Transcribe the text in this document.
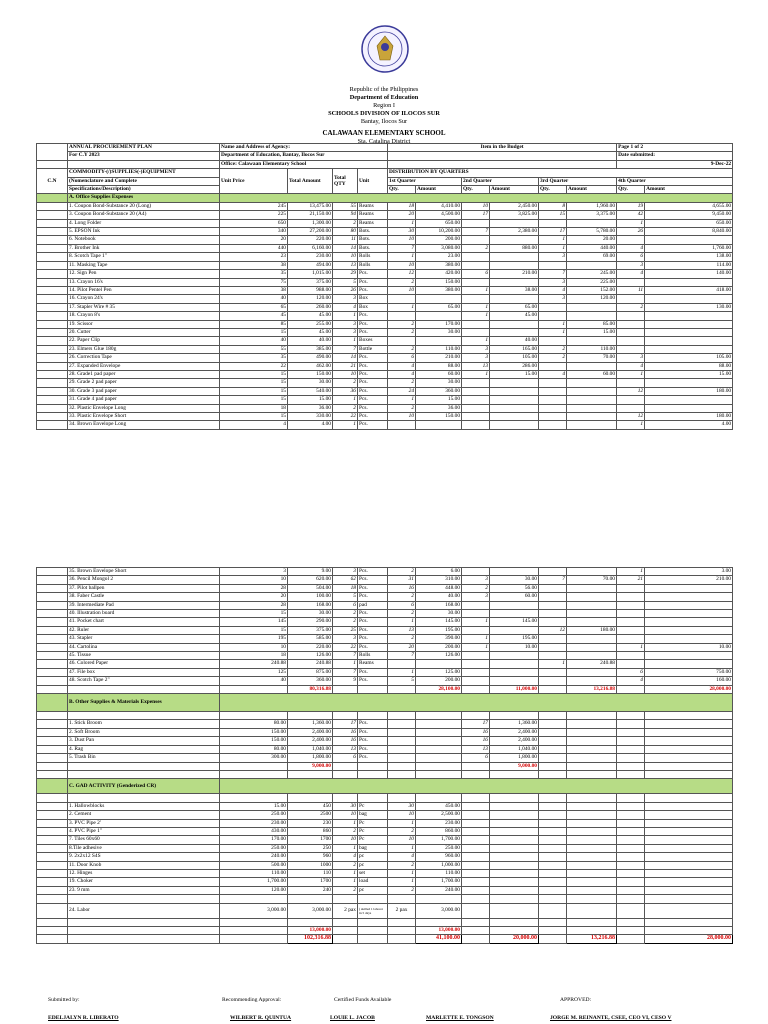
Republic of the Philippines
Department of Education
Region I
SCHOOLS DIVISION OF ILOCOS SUR
Bantay, Ilocos Sur
CALAWAAN ELEMENTARY SCHOOL
Sta. Catalina District
	ANNUAL PROCUREMENT PLAN	Name and Address of Agency:				Item in the Budget						Page 1 of 2	
	For C.Y 2023	Department of Education, Bantay, Ilocos Sur										Date submitted:	
		Office: Calawaan Elementary School										9-Dec-22	
C.N	COMMODITY-(/)SUPPLIES(-)EQUIPMENT	Unit Price	Total Amount	Total QTY	Unit	DISTRIBUTION BY QUARTERS							
	(Nomenclature and Complete					1st Quarter		2nd Quarter		3rd Quarter		4th Quarter	
	Specifications/Description)					Qty.	Amount	Qty.	Amount	Qty.	Amount	Qty.	Amount
	A. Office Supplies Expenses												
	1. Coupon Bond-Substance 20 (Long)	245	13,475.00	55	Reams	18	4,410.00	10	2,450.00	8	1,960.00	19	4,655.00
	3. Coupon Bond-Substance 20 (A4)	225	21,150.00	94	Reams	20	4,500.00	17	3,825.00	15	3,375.00	42	9,450.00
	4. Long Folder	650	1,300.00	2	Reams	1	650.00					1	650.00
	5. EPSON Ink	340	27,200.00	80	Bots.	30	10,200.00	7	2,380.00	17	5,780.00	26	8,840.00
	6. Notebook	20	220.00	11	Bots.	10	200.00			1	20.00		
	7. Brother Ink	440	6,160.00	14	Bots.	7	3,080.00	2	880.00	1	440.00	4	1,760.00
	8. Scotch Tape 1"	23	230.00	10	Rolls	1	23.00			3	69.00	6	138.00
	11. Masking Tape	38	494.00	13	Rolls	10	380.00					3	114.00
	12. Sign Pen	35	1,015.00	29	Pcs.	12	420.00	6	210.00	7	245.00	4	140.00
	13. Crayon 16's	75	375.00	5	Pcs.	2	150.00			3	225.00		
	14. Pilot Pentel Pen	38	988.00	26	Pcs.	10	380.00	1	38.00	4	152.00	11	418.00
	16. Crayon 24's	40	120.00	3	Box					3	120.00		
	17. Stapler Wire # 35	65	260.00	4	Box	1	65.00	1	65.00			2	130.00
	18. Crayon 8's	45	45.00	1	Pcs.			1	45.00				
	19. Scissor	85	255.00	3	Pcs.	2	170.00			1	85.00		
	20. Cutter	15	45.00	3	Pcs.	2	30.00			1	15.00		
	22. Paper Clip	40	40.00	1	Boxes			1	40.00				
	23. Elmers Glue 180g	55	385.00	7	Bottle	2	110.00	3	165.00	2	110.00		
	26. Correction Tape	35	490.00	14	Pcs.	6	210.00	3	105.00	2	70.00	3	105.00
	27. Expanded Envelope	22	462.00	21	Pcs.	4	88.00	13	286.00			4	88.00
	28. Grade1 pad paper	15	150.00	10	Pcs.	4	60.00	1	15.00	4	60.00	1	15.00
	29. Grade 2 pad paper	15	30.00	2	Pcs.	2	30.00						
	30. Grade 3 pad paper	15	540.00	36	Pcs.	24	360.00					12	180.00
	31. Grade 4 pad paper	15	15.00	1	Pcs.	1	15.00						
	32. Plastic Envelope Long	18	36.00	2	Pcs.	2	36.00						
	33. Plastic Envelope Short	15	330.00	22	Pcs.	10	150.00					12	180.00
	34. Brown Envelope Long	4	4.00	1	Pcs.							1	4.00
	35. Brown Envelope Short	3	9.00	3	Pcs.	2	6.00					1	3.00
	36. Pencil Mongol 2	10	620.00	62	Pcs.	31	310.00	3	30.00	7	70.00	21	210.00
	37. Pilot ballpen	28	504.00	18	Pcs.	16	448.00	2	56.00				
	38. Faber Castle	20	100.00	5	Pcs.	2	40.00	3	60.00				
	39. Intermediate Pad	28	168.00	6	pad	6	168.00						
	40. Illustration board	15	30.00	2	Pcs.	2	30.00						
	41. Pocket chart	145	290.00	2	Pcs.	1	145.00	1	145.00				
	42. Ruler	15	375.00	25	Pcs.	13	195.00			12	180.00		
	43. Stapler	195	585.00	3	Pcs.	2	390.00	1	195.00				
	44. Cartolina	10	220.00	22	Pcs.	20	200.00	1	10.00			1	10.00
	45. Tissue	18	126.00	7	Rolls	7	126.00						
	46. Colored Paper	240.88	240.88	1	Reams					1	240.88		
	47. File box	125	875.00	7	Pcs.	1	125.00					6	750.00
	48. Scotch Tape 2"	40	360.00	9	Pcs.	5	200.00					4	160.00
			80,316.88				28,100.00		11,000.00		13,216.88		28,000.00
	B. Other Supplies & Materials Expenses												

	1. Stick Broom	80.00	1,360.00	17	Pcs.			17	1,360.00				
	2. Soft Broom	150.00	2,400.00	16	Pcs.			16	2,400.00				
	3. Dust Pan	150.00	2,400.00	16	Pcs.			16	2,400.00				
	4. Rag	80.00	1,040.00	13	Pcs.			13	1,040.00				
	5. Trash Bin	300.00	1,800.00	6	Pcs.			6	1,800.00				
			9,000.00						9,000.00				

	C. GAD ACTIVITY (Genderized CR)												

	1. Hallowblocks	15.00	450	30	Pc	30	450.00						
	2. Cement	250.00	2500	10	bag	10	2,500.00						
	3. PVC Pipe 2'	230.00	230	1	Pc	1	230.00						
	4. PVC Pipe 1"	430.00	860	2	Pc	2	860.00						
	7. Tiles 60x60	170.00	1700	10	Pc	10	1,700.00						
	8.Tile adhesive	250.00	250	1	bag	1	250.00						
	9. 2x2x12 S4S	240.00	960	4	pc	4	960.00						
	11. Door Knob	500.00	1000	2	pc	2	1,000.00						
	12. Hinges	110.00	110	1	set	1	110.00						
	19. Choker	1,700.00	1700	1	load	1	1,700.00						
	23. 9 mm	120.00	240	2	pc	2	240.00						

	24. Labor	3,000.00	3,000.00	2 pax	( skilled 1 laborer in 5 days	2 pax	3,000.00						

			13,000.00				13,000.00						
			102,316.88				41,100.00		20,000.00		13,216.88		28,000.00
Submitted by:	Recommending Approval:	Certified Funds Available	APPROVED:
EDELJALYN R. LIBERATO	WILBERT R. QUINTUA	LOUIE L. JACOB	MARLETTE E. TONGSON	JORGE M. REINANTE, CSEE, CEO VI, CESO V
